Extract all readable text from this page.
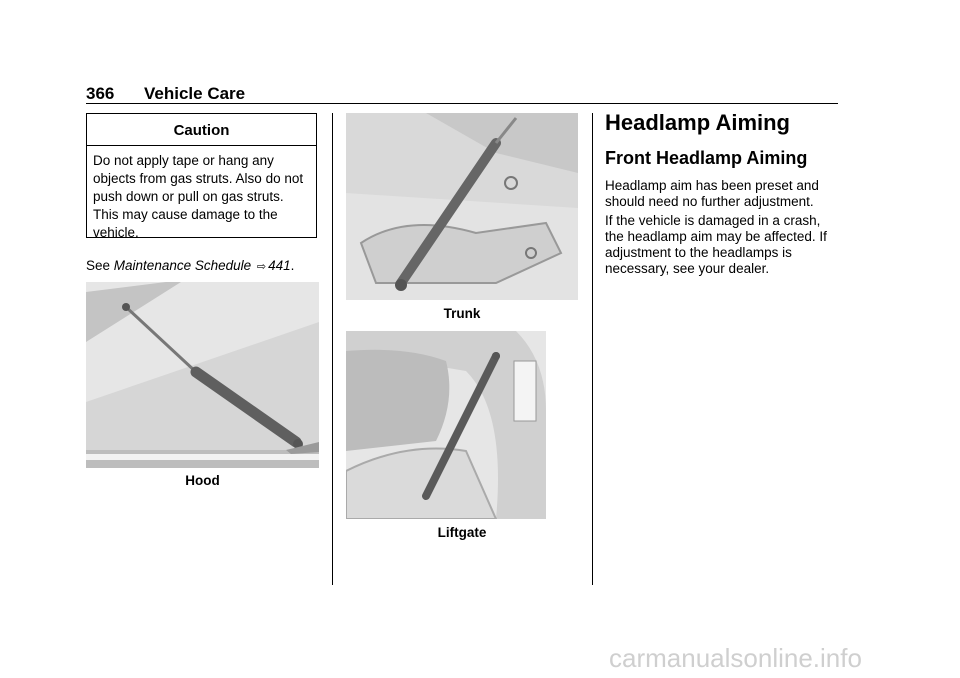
366 Vehicle Care
Caution
Do not apply tape or hang any objects from gas struts. Also do not push down or pull on gas struts. This may cause damage to the vehicle.
See Maintenance Schedule ⇨ 441.
Hood
Trunk
Liftgate
Headlamp Aiming
Front Headlamp Aiming
Headlamp aim has been preset and should need no further adjustment.
If the vehicle is damaged in a crash, the headlamp aim may be affected. If adjustment to the headlamps is necessary, see your dealer.
carmanualsonline.info
